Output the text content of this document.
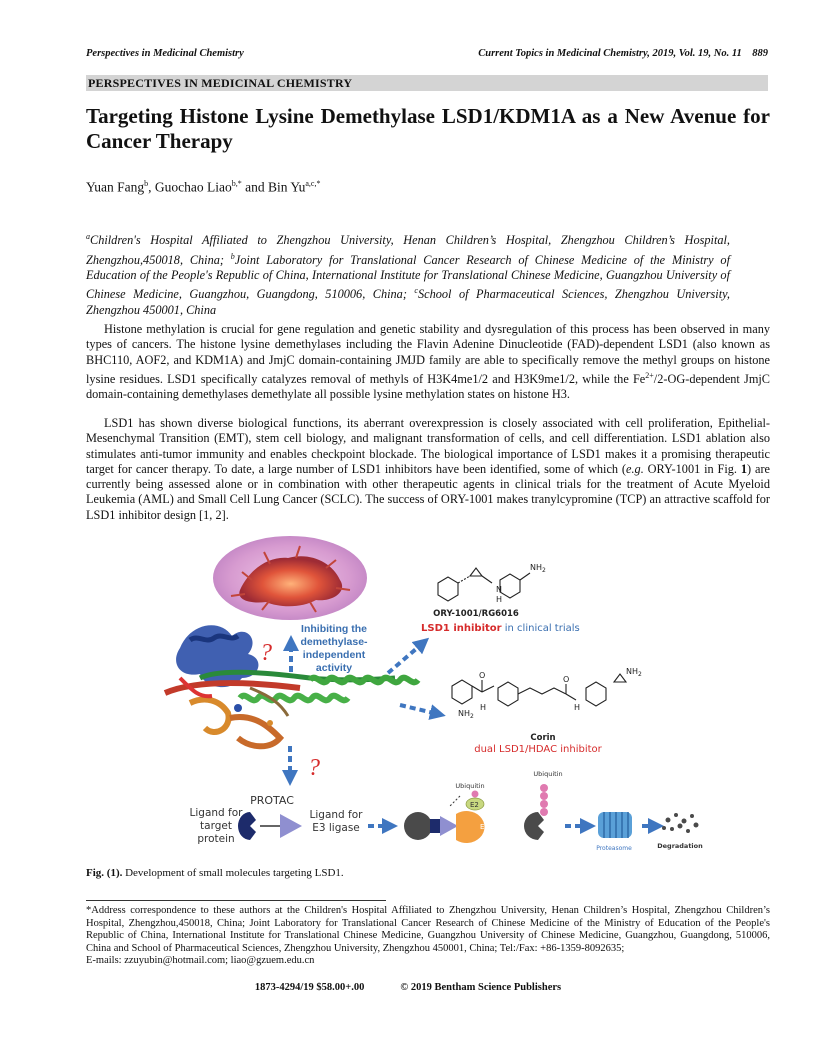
Perspectives in Medicinal Chemistry	Current Topics in Medicinal Chemistry, 2019, Vol. 19, No. 11 889
PERSPECTIVES IN MEDICINAL CHEMISTRY
Targeting Histone Lysine Demethylase LSD1/KDM1A as a New Avenue for Cancer Therapy
Yuan Fang$^b$, Guochao Liao$^{b,*}$ and Bin $Yu^{a,c,*}$
$^a$Children's Hospital Affiliated to Zhengzhou University, Henan Children’s Hospital, Zhengzhou Children’s Hospital, Zhengzhou,450018, China; $^b$Joint Laboratory for Translational Cancer Research of Chinese Medicine of the Ministry of Education of the People's Republic of China, International Institute for Translational Chinese Medicine, Guangzhou University of Chinese Medicine, Guangzhou, Guangdong, 510006, China; $^c$School of Pharmaceutical Sciences, Zhengzhou University, Zhengzhou 450001, China

Histone methylation is crucial for gene regulation and genetic stability and dysregulation of this process has been observed in many types of cancers. The histone lysine demethylases including the Flavin Adenine Dinucleotide (FAD)-dependent LSD1 (also known as BHC110, AOF2, and KDM1A) and JmjC domain-containing JMJD family are able to specifically remove the methyl groups on histone lysine residues. LSD1 specifically catalyzes removal of methyls of H3K4me1/2 and H3K9me1/2, while the $Fe^{2+}/2-OG$-dependent JmjC domain-containing demethylases demethylate all possible lysine methylation states on histone H3.

LSD1 has shown diverse biological functions, its aberrant overexpression is closely associated with cell proliferation, Epithelial-Mesenchymal Transition (EMT), stem cell biology, and malignant transformation of cells, and cell differentiation. LSD1 ablation also stimulates anti-tumor immunity and enables checkpoint blockade. The biological importance of LSD1 makes it a promising therapeutic target for cancer therapy. To date, a large number of LSD1 inhibitors have been identified, some of which (e.g. ORY-1001 in Fig. 1) are currently being assessed alone or in combination with other therapeutic agents in clinical trials for the treatment of Acute Myeloid Leukemia (AML) and Small Cell Lung Cancer (SCLC). The success of ORY-1001 makes tranylcypromine (TCP) an attractive scaffold for LSD1 inhibitor design [1, 2].

?
?
Inhibiting the
demethylase-
independent
activity
N
H
$NH_2$
ORY-1001/RG6016
LSD1 inhibitor in clinical trials
$NH_2$
$NH_2$
O	O
H	H
Corin
dual LSD1/HDAC inhibitor
PROTAC
Ligand for
target
protein
Ligand for
E3 ligase	E3
E2
Ubiquitin
Ubiquitin
Proteasome	Degradation
Fig. (1). Development of small molecules targeting LSD1.
*Address correspondence to these authors at the Children's Hospital Affiliated to Zhengzhou University, Henan Children’s Hospital, Zhengzhou Children’s Hospital, Zhengzhou,450018, China; Joint Laboratory for Translational Cancer Research of Chinese Medicine of the Ministry of Education of the People's Republic of China, International Institute for Translational Chinese Medicine, Guangzhou University of Chinese Medicine, Guangzhou, Guangdong, 510006, China and School of Pharmaceutical Sciences, Zhengzhou University, Zhengzhou 450001, China; Tel:/Fax: +86-1359-8092635;
E-mails: zzuyubin@hotmail.com; liao@gzuem.edu.cn
1873-4294/19 $58.00+.00	© 2019 Bentham Science Publishers
